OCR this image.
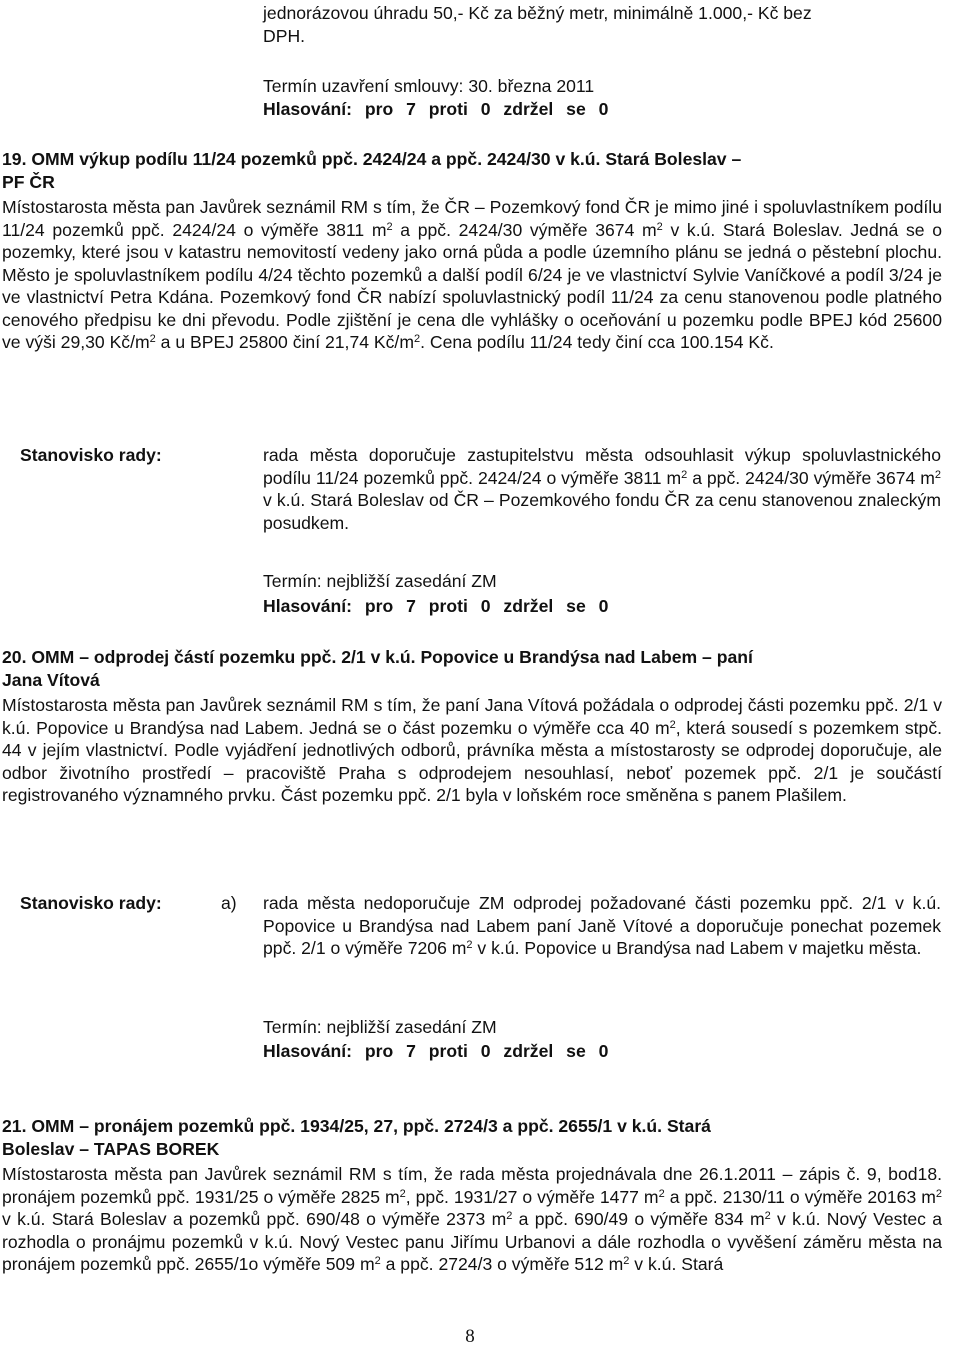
jednorázovou úhradu 50,- Kč za běžný metr, minimálně 1.000,- Kč bez
DPH.
Termín uzavření smlouvy: 30. března 2011
Hlasování: pro 7 proti 0 zdržel se 0
19. OMM výkup podílu 11/24 pozemků ppč. 2424/24 a ppč. 2424/30 v k.ú. Stará Boleslav –
PF ČR
Místostarosta města pan Javůrek seznámil RM s tím, že ČR – Pozemkový fond ČR je mimo jiné i spoluvlastníkem podílu 11/24 pozemků ppč. 2424/24 o výměře 3811 $m^2$ a ppč. 2424/30 výměře 3674 $m^2$ v k.ú. Stará Boleslav. Jedná se o pozemky, které jsou v katastru nemovitostí vedeny jako orná půda a podle územního plánu se jedná o pěstební plochu. Město je spoluvlastníkem podílu 4/24 těchto pozemků a další podíl 6/24 je ve vlastnictví Sylvie Vaníčkové a podíl 3/24 je ve vlastnictví Petra Kdána. Pozemkový fond ČR nabízí spoluvlastnický podíl 11/24 za cenu stanovenou podle platného cenového předpisu ke dni převodu. Podle zjištění je cena dle vyhlášky o oceňování u pozemku podle BPEJ kód 25600 ve výši 29,30 $Kč/m^2$ a u BPEJ 25800 činí 21,74 $Kč/m^2$. Cena podílu 11/24 tedy činí cca 100.154 Kč.
Stanovisko rady:	rada města doporučuje zastupitelstvu města odsouhlasit výkup spoluvlastnického podílu 11/24 pozemků ppč. 2424/24 o výměře 3811 $m^2$ a ppč. 2424/30 výměře 3674 $m^2$ v k.ú. Stará Boleslav od ČR – Pozemkového fondu ČR za cenu stanovenou znaleckým posudkem.
Termín: nejbližší zasedání ZM
Hlasování: pro 7 proti 0 zdržel se 0
20. OMM – odprodej částí pozemku ppč. 2/1 v k.ú. Popovice u Brandýsa nad Labem – paní
Jana Vítová
Místostarosta města pan Javůrek seznámil RM s tím, že paní Jana Vítová požádala o odprodej části pozemku ppč. 2/1 v k.ú. Popovice u Brandýsa nad Labem. Jedná se o část pozemku o výměře cca 40 $m^2$, která sousedí s pozemkem stpč. 44 v jejím vlastnictví. Podle vyjádření jednotlivých odborů, právníka města a místostarosty se odprodej doporučuje, ale odbor životního prostředí – pracoviště Praha s odprodejem nesouhlasí, neboť pozemek ppč. 2/1 je součástí registrovaného významného prvku. Část pozemku ppč. 2/1 byla v loňském roce směněna s panem Plašilem.
Stanovisko rady:	a) rada města nedoporučuje ZM odprodej požadované části pozemku ppč. 2/1 v k.ú. Popovice u Brandýsa nad Labem paní Janě Vítové a doporučuje ponechat pozemek ppč. 2/1 o výměře 7206 $m^2$ v k.ú. Popovice u Brandýsa nad Labem v majetku města.
Termín: nejbližší zasedání ZM
Hlasování: pro 7 proti 0 zdržel se 0
21. OMM – pronájem pozemků ppč. 1934/25, 27, ppč. 2724/3 a ppč. 2655/1 v k.ú. Stará
Boleslav – TAPAS BOREK
Místostarosta města pan Javůrek seznámil RM s tím, že rada města projednávala dne 26.1.2011 – zápis č. 9, bod18. pronájem pozemků ppč. 1931/25 o výměře 2825 $m^2$, ppč. 1931/27 o výměře 1477 $m^2$ a ppč. 2130/11 o výměře 20163 $m^2$ v k.ú. Stará Boleslav a pozemků ppč. 690/48 o výměře 2373 $m^2$ a ppč. 690/49 o výměře 834 $m^2$ v k.ú. Nový Vestec a rozhodla o pronájmu pozemků v k.ú. Nový Vestec panu Jiřímu Urbanovi a dále rozhodla o vyvěšení záměru města na pronájem pozemků ppč. 2655/1o výměře 509 $m^2$ a ppč. 2724/3 o výměře 512 $m^2$ v k.ú. Stará
8
